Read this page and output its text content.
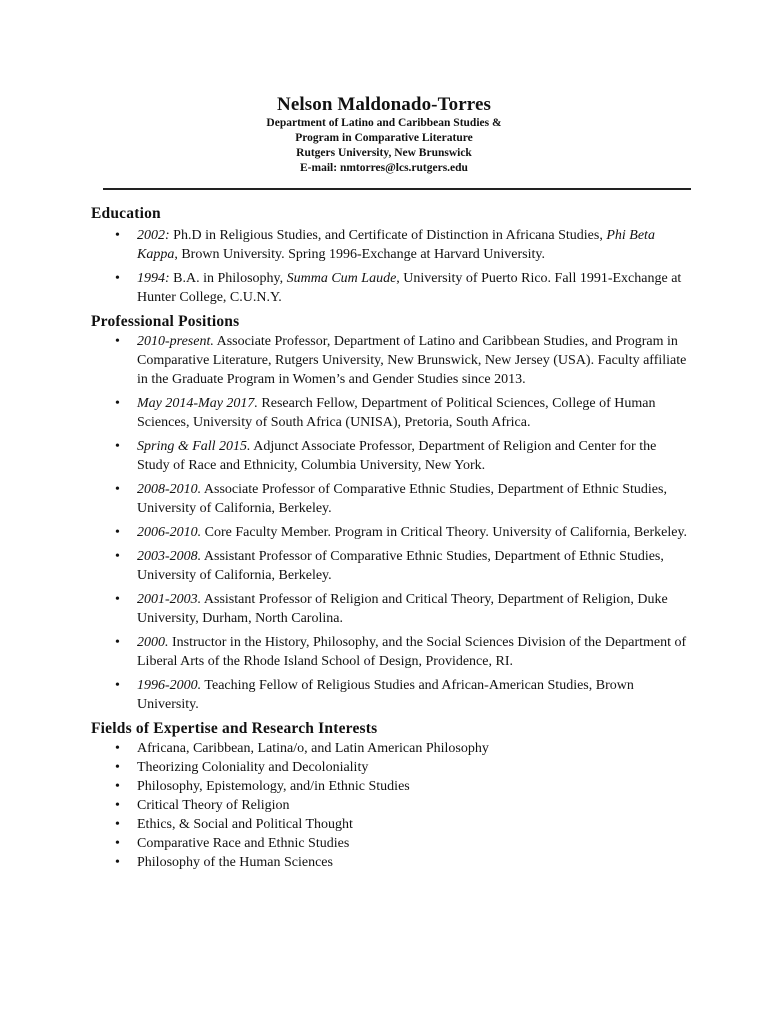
Nelson Maldonado-Torres
Department of Latino and Caribbean Studies &
Program in Comparative Literature
Rutgers University, New Brunswick
E-mail: nmtorres@lcs.rutgers.edu
Education
• 2002: Ph.D in Religious Studies, and Certificate of Distinction in Africana Studies, Phi Beta Kappa, Brown University. Spring 1996-Exchange at Harvard University.
• 1994: B.A. in Philosophy, Summa Cum Laude, University of Puerto Rico. Fall 1991-Exchange at Hunter College, C.U.N.Y.
Professional Positions
• 2010-present. Associate Professor, Department of Latino and Caribbean Studies, and Program in Comparative Literature, Rutgers University, New Brunswick, New Jersey (USA). Faculty affiliate in the Graduate Program in Women’s and Gender Studies since 2013.
• May 2014-May 2017. Research Fellow, Department of Political Sciences, College of Human Sciences, University of South Africa (UNISA), Pretoria, South Africa.
• Spring & Fall 2015. Adjunct Associate Professor, Department of Religion and Center for the Study of Race and Ethnicity, Columbia University, New York.
• 2008-2010. Associate Professor of Comparative Ethnic Studies, Department of Ethnic Studies, University of California, Berkeley.
• 2006-2010. Core Faculty Member. Program in Critical Theory. University of California, Berkeley.
• 2003-2008. Assistant Professor of Comparative Ethnic Studies, Department of Ethnic Studies, University of California, Berkeley.
• 2001-2003. Assistant Professor of Religion and Critical Theory, Department of Religion, Duke University, Durham, North Carolina.
• 2000. Instructor in the History, Philosophy, and the Social Sciences Division of the Department of Liberal Arts of the Rhode Island School of Design, Providence, RI.
• 1996-2000. Teaching Fellow of Religious Studies and African-American Studies, Brown University.
Fields of Expertise and Research Interests
• Africana, Caribbean, Latina/o, and Latin American Philosophy
• Theorizing Coloniality and Decoloniality
• Philosophy, Epistemology, and/in Ethnic Studies
• Critical Theory of Religion
• Ethics, & Social and Political Thought
• Comparative Race and Ethnic Studies
• Philosophy of the Human Sciences
